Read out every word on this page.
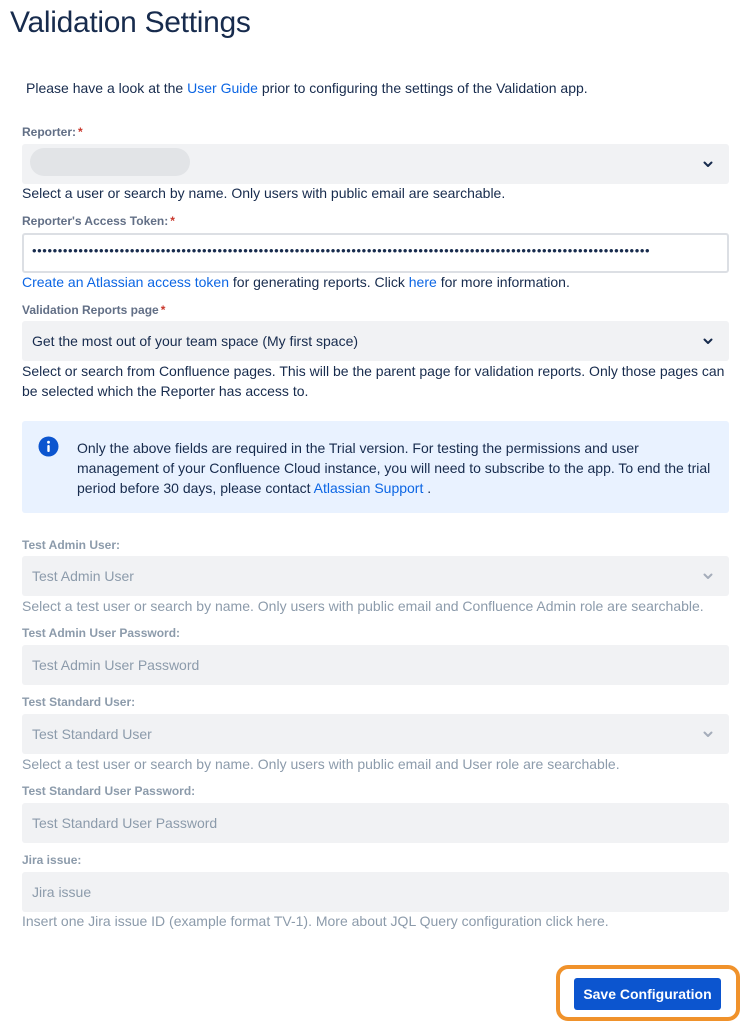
Validation Settings
Please have a look at the User Guide prior to configuring the settings of the Validation app.
Reporter: *
Select a user or search by name. Only users with public email are searchable.
Reporter's Access Token: *
••••••••••••••••••••••••••••••••••••••••••••••••••••••••••••••••••••••••••••••••••••••••••••••••••••••••••••••••••••••••
Create an Atlassian access token for generating reports. Click here for more information.
Validation Reports page *
Get the most out of your team space (My first space)
Select or search from Confluence pages. This will be the parent page for validation reports. Only those pages can be selected which the Reporter has access to.
Only the above fields are required in the Trial version. For testing the permissions and user management of your Confluence Cloud instance, you will need to subscribe to the app. To end the trial period before 30 days, please contact Atlassian Support .
Test Admin User:
Test Admin User
Select a test user or search by name. Only users with public email and Confluence Admin role are searchable.
Test Admin User Password:
Test Admin User Password
Test Standard User:
Test Standard User
Select a test user or search by name. Only users with public email and User role are searchable.
Test Standard User Password:
Test Standard User Password
Jira issue:
Jira issue
Insert one Jira issue ID (example format TV-1). More about JQL Query configuration click here.
Save Configuration
